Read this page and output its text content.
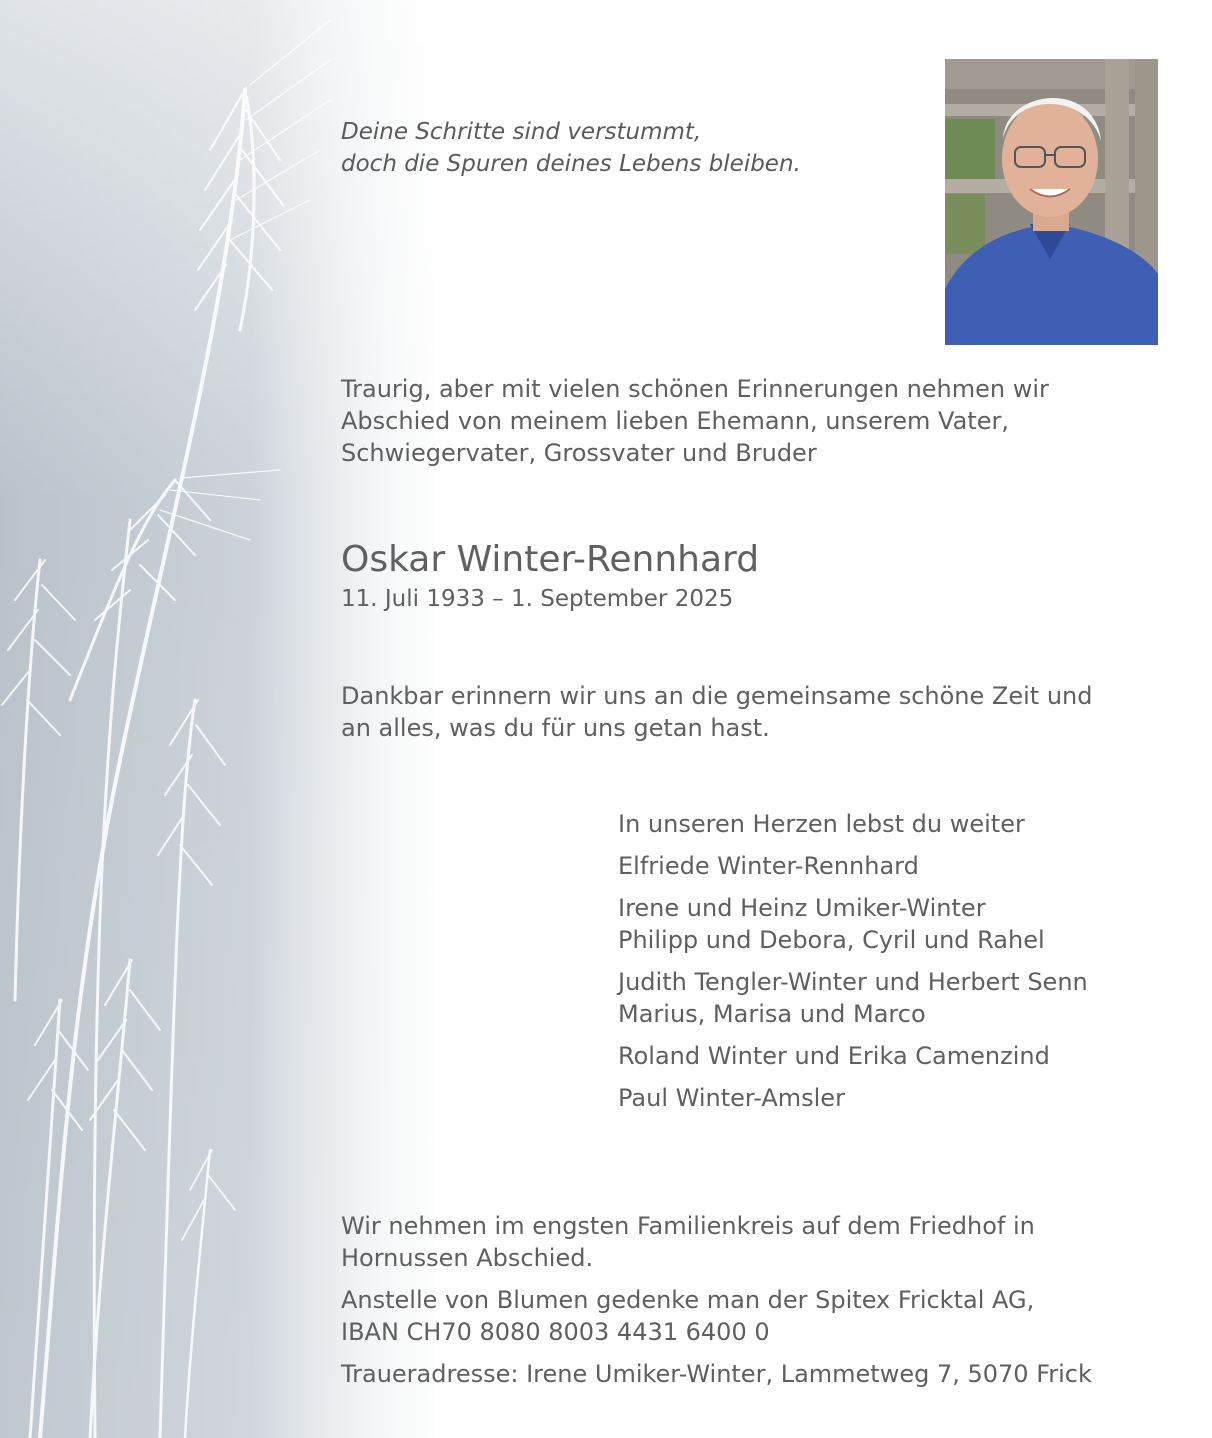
Deine Schritte sind verstummt,
doch die Spuren deines Lebens bleiben.
Traurig, aber mit vielen schönen Erinnerungen nehmen wir
Abschied von meinem lieben Ehemann, unserem Vater,
Schwiegervater, Grossvater und Bruder
Oskar Winter-Rennhard
11. Juli 1933 – 1. September 2025
Dankbar erinnern wir uns an die gemeinsame schöne Zeit und
an alles, was du für uns getan hast.
In unseren Herzen lebst du weiter
Elfriede Winter-Rennhard
Irene und Heinz Umiker-Winter
Philipp und Debora, Cyril und Rahel
Judith Tengler-Winter und Herbert Senn
Marius, Marisa und Marco
Roland Winter und Erika Camenzind
Paul Winter-Amsler
Wir nehmen im engsten Familienkreis auf dem Friedhof in
Hornussen Abschied.
Anstelle von Blumen gedenke man der Spitex Fricktal AG,
IBAN CH70 8080 8003 4431 6400 0
Traueradresse: Irene Umiker-Winter, Lammetweg 7, 5070 Frick
